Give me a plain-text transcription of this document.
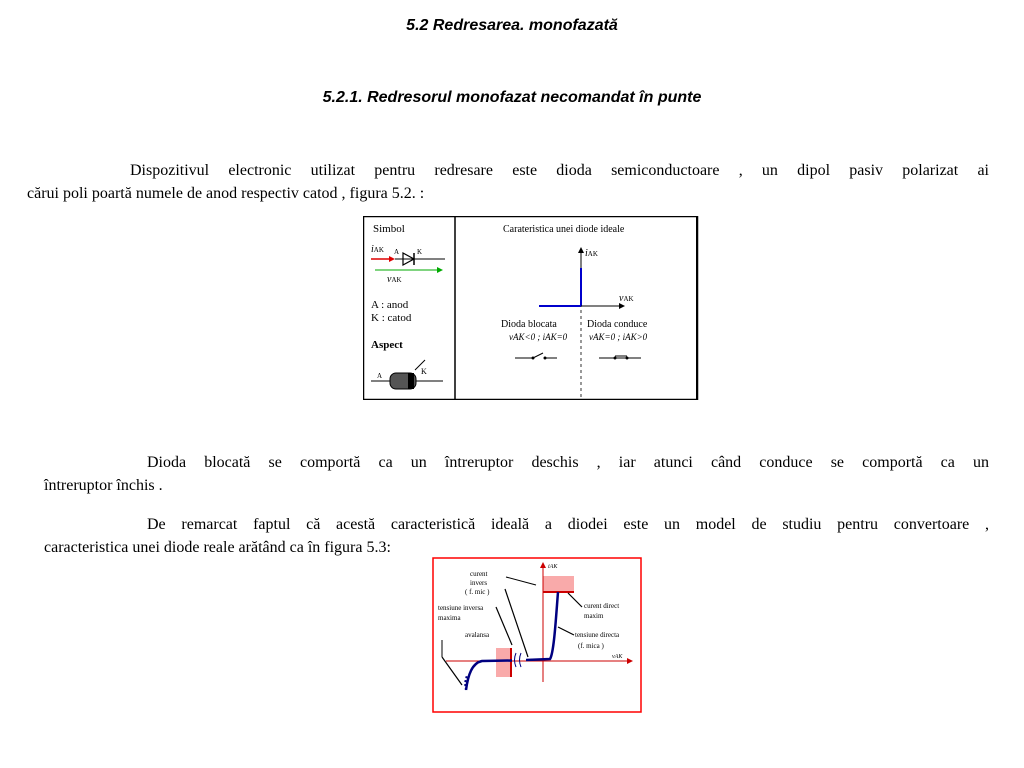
5.2 Redresarea. monofazată
5.2.1. Redresorul monofazat necomandat în punte
Dispozitivul electronic utilizat pentru redresare este dioda semiconductoare , un dipol pasiv polarizat ai
cărui poli poartă numele de anod respectiv catod , figura 5.2. :
Simbol
iAK A	K
vAK
A : anod
K : catod
Aspect
A	K
Carateristica unei diode ideale
iAK
vAK
Dioda blocata
vAK<0 ; iAK=0
Dioda conduce
vAK=0 ; iAK>0
Dioda blocată se comportă ca un întreruptor deschis , iar atunci când conduce se comportă ca un
întreruptor închis .
De remarcat faptul că acestă caracteristică ideală a diodei este un model de studiu pentru convertoare ,
caracteristica unei diode reale arătând ca în figura 5.3:
iAK
vAK
curent
invers
( f. mic )
tensiune inversa
maxima
avalansa
curent direct
maxim
tensiune directa
(f. mica )
